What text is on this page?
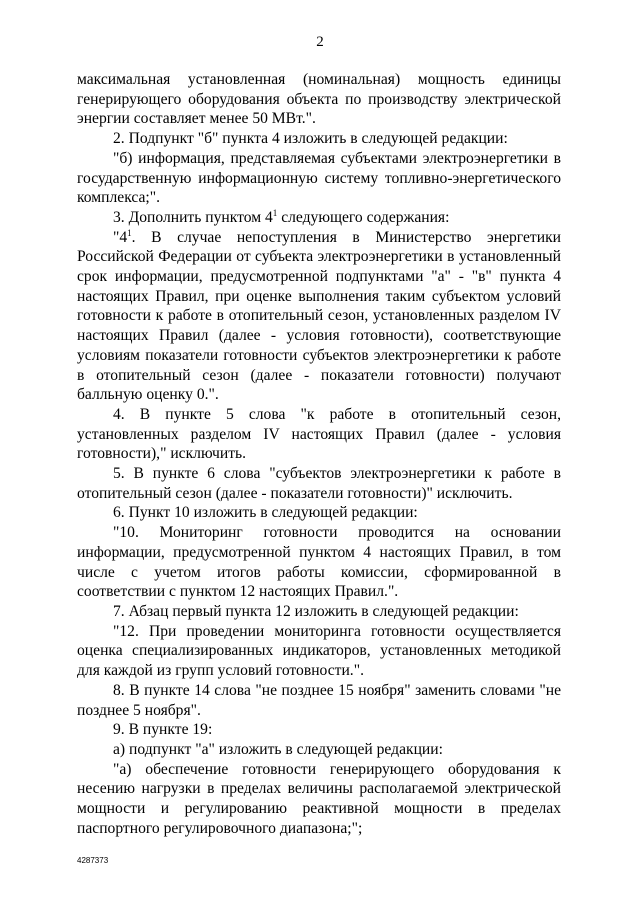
2

максимальная установленная (номинальная) мощность единицы генерирующего оборудования объекта по производству электрической энергии составляет менее 50 МВт.".

2. Подпункт "б" пункта 4 изложить в следующей редакции:

"б) информация, представляемая субъектами электроэнергетики в государственную информационную систему топливно-энергетического комплекса;".

3. Дополнить пунктом $4^1$ следующего содержания:

"$4^1$. В случае непоступления в Министерство энергетики Российской Федерации от субъекта электроэнергетики в установленный срок информации, предусмотренной подпунктами "а" - "в" пункта 4 настоящих Правил, при оценке выполнения таким субъектом условий готовности к работе в отопительный сезон, установленных разделом IV настоящих Правил (далее - условия готовности), соответствующие условиям показатели готовности субъектов электроэнергетики к работе в отопительный сезон (далее - показатели готовности) получают балльную оценку 0.".

4. В пункте 5 слова "к работе в отопительный сезон, установленных разделом IV настоящих Правил (далее - условия готовности)," исключить.

5. В пункте 6 слова "субъектов электроэнергетики к работе в отопительный сезон (далее - показатели готовности)" исключить.

6. Пункт 10 изложить в следующей редакции:

"10. Мониторинг готовности проводится на основании информации, предусмотренной пунктом 4 настоящих Правил, в том числе с учетом итогов работы комиссии, сформированной в соответствии с пунктом 12 настоящих Правил.".

7. Абзац первый пункта 12 изложить в следующей редакции:

"12. При проведении мониторинга готовности осуществляется оценка специализированных индикаторов, установленных методикой для каждой из групп условий готовности.".

8. В пункте 14 слова "не позднее 15 ноября" заменить словами "не позднее 5 ноября".

9. В пункте 19:

а) подпункт "а" изложить в следующей редакции:

"а) обеспечение готовности генерирующего оборудования к несению нагрузки в пределах величины располагаемой электрической мощности и регулированию реактивной мощности в пределах паспортного регулировочного диапазона;";

4287373
